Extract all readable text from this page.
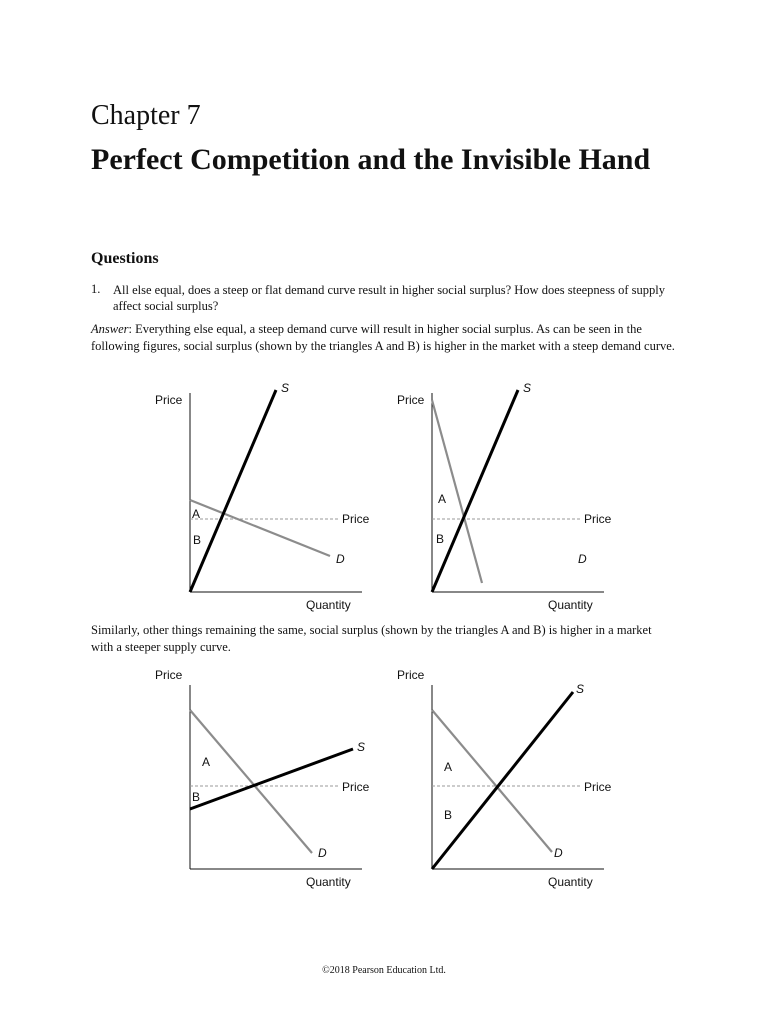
Chapter 7
Perfect Competition and the Invisible Hand
Questions
1. All else equal, does a steep or flat demand curve result in higher social surplus? How does steepness of supply affect social surplus?
Answer: Everything else equal, a steep demand curve will result in higher social surplus. As can be seen in the following figures, social surplus (shown by the triangles A and B) is higher in the market with a steep demand curve.
Price
Quantity
Price
S
D
A
B
Price
Quantity
Price
S
D
A
B
Similarly, other things remaining the same, social surplus (shown by the triangles A and B) is higher in a market with a steeper supply curve.
Price
Quantity
Price
S
D
A
B
Price
Quantity
Price
S
D
A
B
©2018 Pearson Education Ltd.
